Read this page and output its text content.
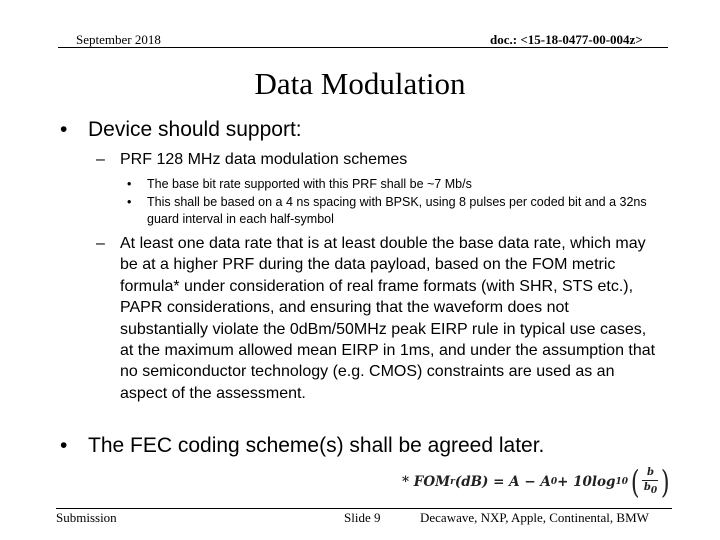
September 2018	doc.: <15-18-0477-00-004z>
Data Modulation
• Device should support:
– PRF 128 MHz data modulation schemes
•	The base bit rate supported with this PRF shall be ~7 Mb/s
•	This shall be based on a 4 ns spacing with BPSK, using 8 pulses per coded bit and a 32ns guard interval in each half-symbol
– At least one data rate that is at least double the base data rate, which may be at a higher PRF during the data payload, based on the FOM metric formula* under consideration of real frame formats (with SHR, STS etc.), PAPR considerations, and ensuring that the waveform does not substantially violate the 0dBm/50MHz peak EIRP rule in typical use cases, at the maximum allowed mean EIRP in 1ms, and under the assumption that no semiconductor technology (e.g. CMOS) constraints are used as an aspect of the assessment.
• The FEC coding scheme(s) shall be agreed later.
* FOM r (dB) = A − A 0 + 10log 10 ( $\frac{b}{b_0}$ )
Submission	Slide 9	Decawave, NXP, Apple, Continental, BMW
